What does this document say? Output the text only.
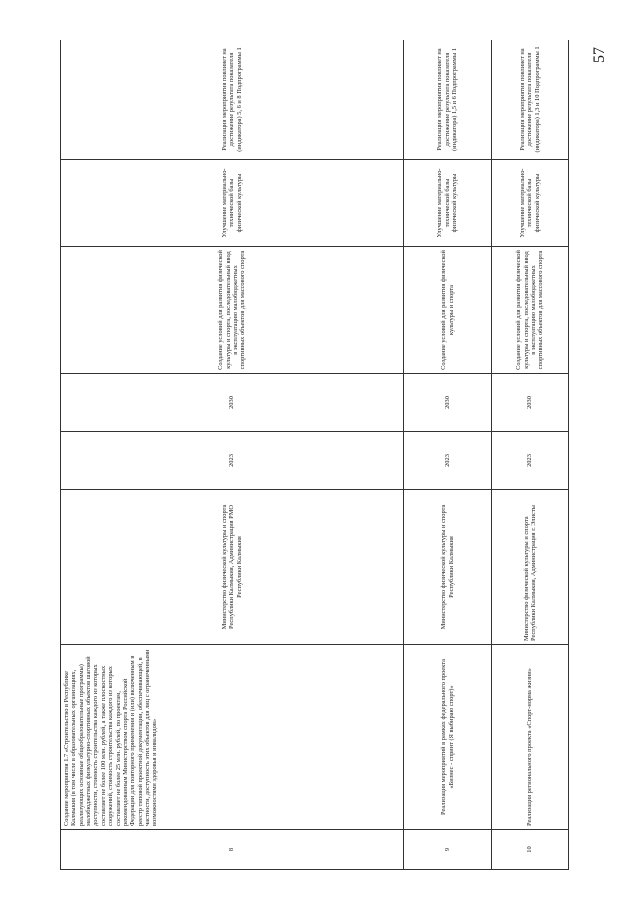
57
8	Создание мероприятия 1.7 «Строительство в Республике Калмыкия (в том числе в образовательных организациях, реализующих основные общеобразовательные программы) малобюджетных физкультурно-спортивных объектов шаговой доступности, стоимость строительства каждого из которых составляет не более 100 млн. рублей, а также плоскостных сооружений, стоимость строительства каждого из которых составляет не более 25 млн. рублей, по проектам, рекомендованным Министерством спорта Российской Федерации для повторного применения и (или) включенным в реестр типовой проектной документации, обеспечивающей, в частности, доступность этих объектов для лиц с ограниченными возможностями здоровья и инвалидов»	Министерство физической культуры и спорта Республики Калмыкия, Администрация РМО Республики Калмыкия	2023	2030	Создание условий для развития физической культуры и спорта, последовательный ввод в эксплуатацию малобюджетных спортивных объектов для массового спорта	Улучшение материально-технической базы физической культуры	Реализация мероприятия повлияет на достижение результата показателя (индикатора) 5, 6 и 8 Подпрограммы 1
9	Реализация мероприятий в рамках федерального проекта «Бизнес - спринт (Я выбираю спорт)»	Министерство физической культуры и спорта Республики Калмыкия	2023	2030	Создание условий для развития физической культуры и спорта	Улучшение материально-технической базы физической культуры	Реализация мероприятия повлияет на достижение результата показателя (индикатора) 1,5 и 6 Подпрограммы 1
10	Реализация регионального проекта «Спорт-норма жизни»	Министерство физической культуры и спорта Республики Калмыкия, Администрация г. Элисты	2023	2030	Создание условий для развития физической культуры и спорта, последовательный ввод в эксплуатацию малобюджетных спортивных объектов для массового спорта	Улучшение материально-технической базы физической культуры	Реализация мероприятия повлияет на достижение результата показателя (индикатора) 1,3 и 10 Подпрограммы 1
